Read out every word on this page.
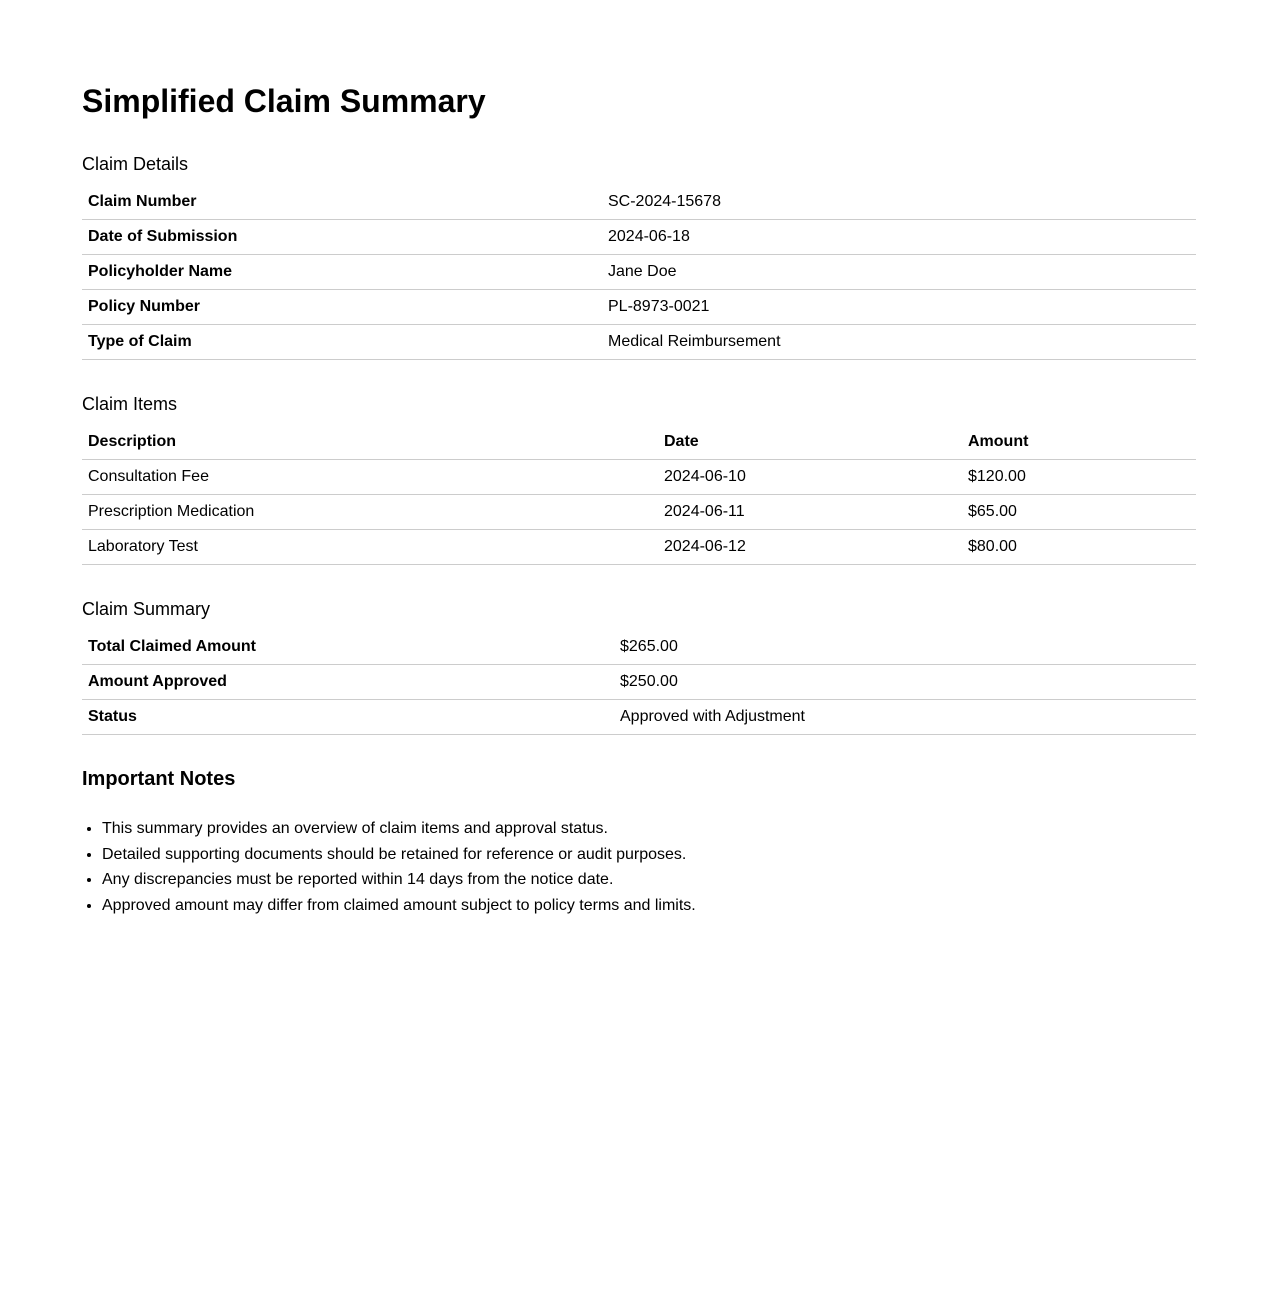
Simplified Claim Summary
Claim Details
Claim Number	SC-2024-15678
Date of Submission	2024-06-18
Policyholder Name	Jane Doe
Policy Number	PL-8973-0021
Type of Claim	Medical Reimbursement
Claim Items
Description	Date	Amount
Consultation Fee	2024-06-10	$120.00
Prescription Medication	2024-06-11	$65.00
Laboratory Test	2024-06-12	$80.00
Claim Summary
Total Claimed Amount	$265.00
Amount Approved	$250.00
Status	Approved with Adjustment
Important Notes
• This summary provides an overview of claim items and approval status.
• Detailed supporting documents should be retained for reference or audit purposes.
• Any discrepancies must be reported within 14 days from the notice date.
• Approved amount may differ from claimed amount subject to policy terms and limits.
